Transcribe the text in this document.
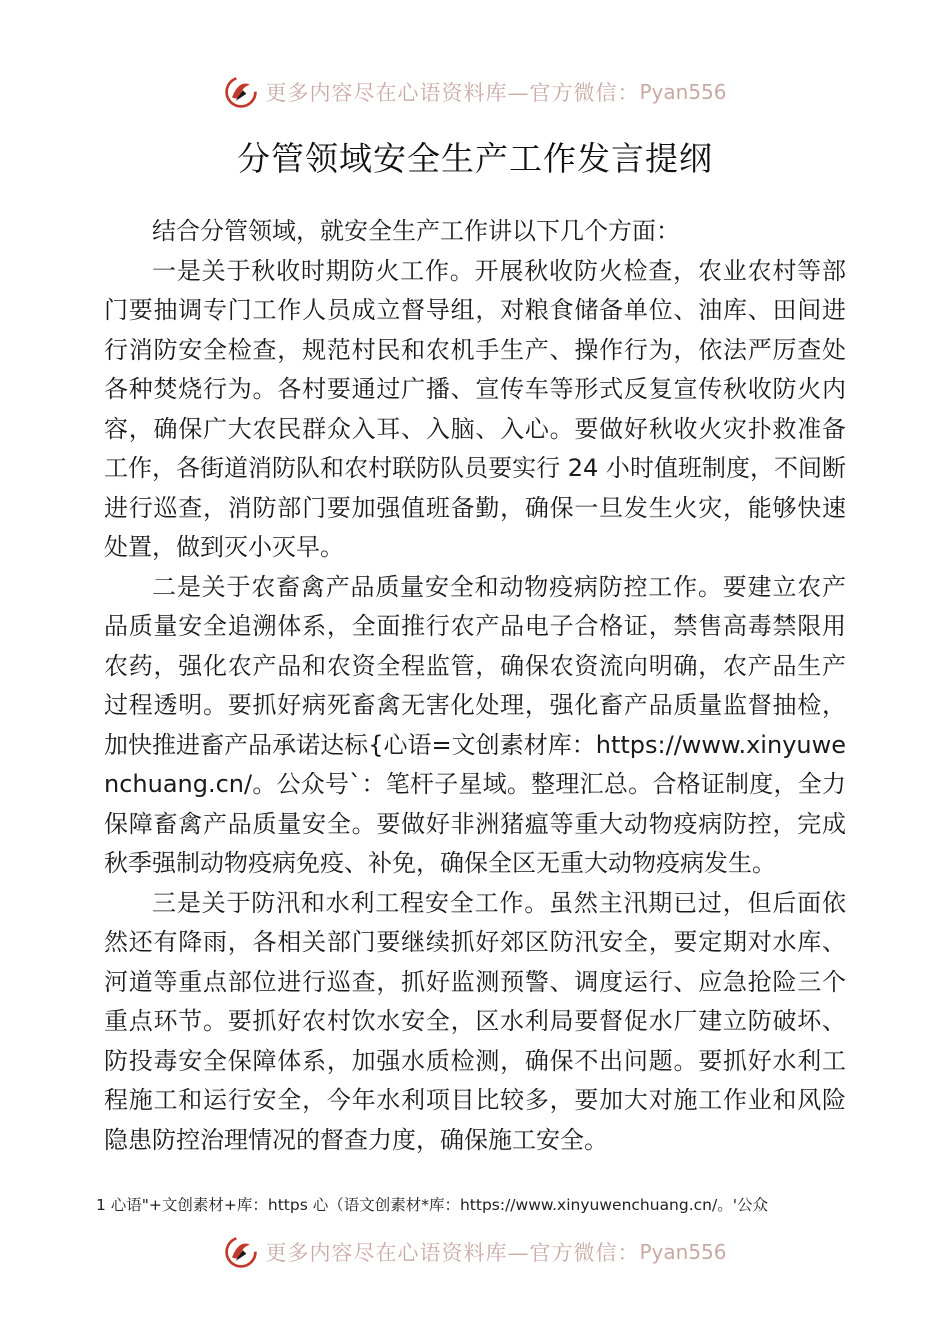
更多内容尽在心语资料库—官方微信： Pyan556
分管领域安全生产工作发言提纲

结合分管领域，就安全生产工作讲以下几个方面：

一是关于秋收时期防火工作。开展秋收防火检查，农业农村等部门要抽调专门工作人员成立督导组，对粮食储备单位、油库、田间进行消防安全检查，规范村民和农机手生产、操作行为，依法严厉查处各种焚烧行为。各村要通过广播、宣传车等形式反复宣传秋收防火内容，确保广大农民群众入耳、入脑、入心。要做好秋收火灾扑救准备工作，各街道消防队和农村联防队员要实行 24 小时值班制度，不间断进行巡查，消防部门要加强值班备勤，确保一旦发生火灾，能够快速处置，做到灭小灭早。

二是关于农畜禽产品质量安全和动物疫病防控工作。要建立农产品质量安全追溯体系，全面推行农产品电子合格证，禁售高毒禁限用农药，强化农产品和农资全程监管，确保农资流向明确，农产品生产过程透明。要抓好病死畜禽无害化处理，强化畜产品质量监督抽检，加快推进畜产品承诺达标{心语=文创素材库：https://www.xinyuwenchuang.cn/。公众号`：笔杆子星域。整理汇总。合格证制度，全力保障畜禽产品质量安全。要做好非洲猪瘟等重大动物疫病防控，完成秋季强制动物疫病免疫、补免，确保全区无重大动物疫病发生。

三是关于防汛和水利工程安全工作。虽然主汛期已过，但后面依然还有降雨，各相关部门要继续抓好郊区防汛安全，要定期对水库、河道等重点部位进行巡查，抓好监测预警、调度运行、应急抢险三个重点环节。要抓好农村饮水安全，区水利局要督促水厂建立防破坏、防投毒安全保障体系，加强水质检测，确保不出问题。要抓好水利工程施工和运行安全，今年水利项目比较多，要加大对施工作业和风险隐患防控治理情况的督查力度，确保施工安全。

1 心语"+文创素材+库：https 心（语文创素材*库：https://www.xinyuwenchuang.cn/。'公众
更多内容尽在心语资料库—官方微信： Pyan556
